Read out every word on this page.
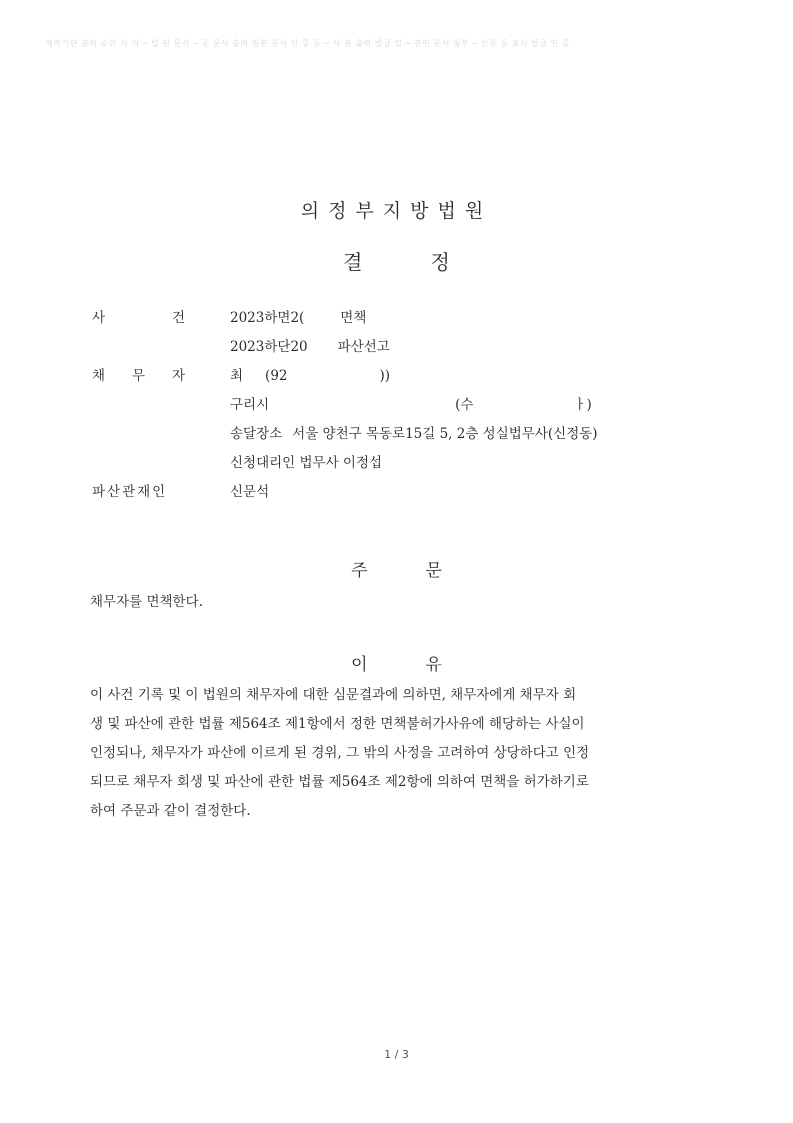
제작기관 출력 승인 시 서 ─ 법 원 문서 ─ 공 문서 출력 원본 문서 인 증 등 ─ 사 본 출력 발급 일 ─ 관련 문서 첨부 ─ 인증 등 표시 발급 인 증
의정부지방법원
결	정
사	건	2023하면2(	면책
2023하단20 파산선고
채 무 자	최 (92	))
구리시	(수	ㅏ)
송달장소 서울 양천구 목동로15길 5, 2층 성실법무사(신정동)
신청대리인 법무사 이정섭
파산관재인	신문석
주	문
채무자를 면책한다.
이	유
이 사건 기록 및 이 법원의 채무자에 대한 심문결과에 의하면, 채무자에게 채무자 회
생 및 파산에 관한 법률 제564조 제1항에서 정한 면책불허가사유에 해당하는 사실이
인정되나, 채무자가 파산에 이르게 된 경위, 그 밖의 사정을 고려하여 상당하다고 인정
되므로 채무자 회생 및 파산에 관한 법률 제564조 제2항에 의하여 면책을 허가하기로
하여 주문과 같이 결정한다.
1 / 3
